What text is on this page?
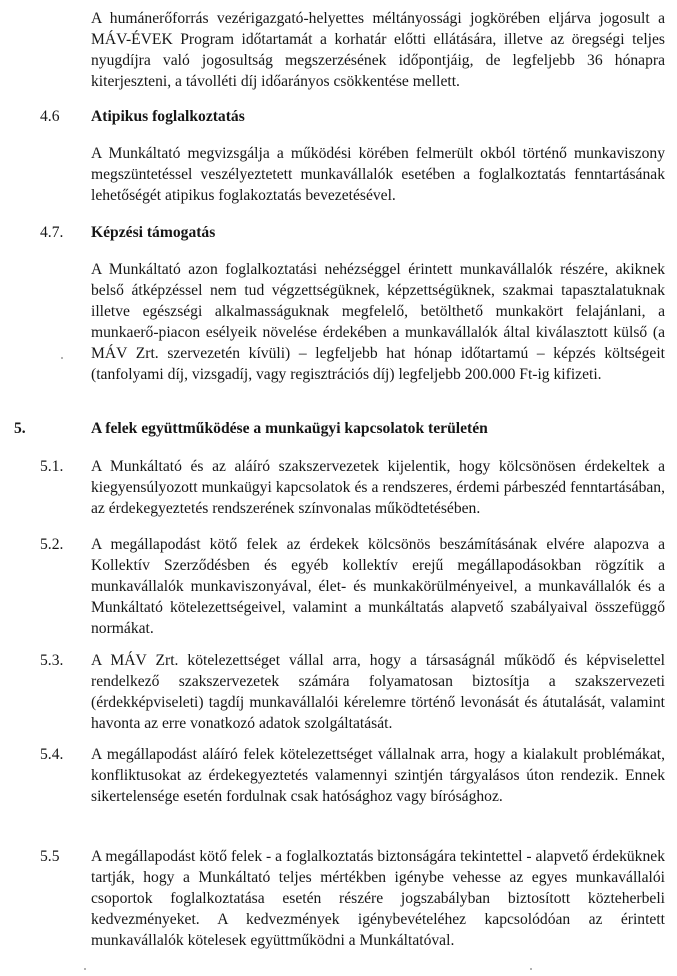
A humánerőforrás vezérigazgató-helyettes méltányossági jogkörében eljárva jogosult a MÁV-ÉVEK Program időtartamát a korhatár előtti ellátására, illetve az öregségi teljes nyugdíjra való jogosultság megszerzésének időpontjáig, de legfeljebb 36 hónapra kiterjeszteni, a távolléti díj időarányos csökkentése mellett.

4.6 Atipikus foglalkoztatás

A Munkáltató megvizsgálja a működési körében felmerült okból történő munkaviszony megszüntetéssel veszélyeztetett munkavállalók esetében a foglalkoztatás fenntartásának lehetőségét atipikus foglakoztatás bevezetésével.

4.7. Képzési támogatás

A Munkáltató azon foglalkoztatási nehézséggel érintett munkavállalók részére, akiknek belső átképzéssel nem tud végzettségüknek, képzettségüknek, szakmai tapasztalatuknak illetve egészségi alkalmasságuknak megfelelő, betölthető munkakört felajánlani, a munkaerő-piacon esélyeik növelése érdekében a munkavállalók által kiválasztott külső (a MÁV Zrt. szervezetén kívüli) – legfeljebb hat hónap időtartamú – képzés költségeit (tanfolyami díj, vizsgadíj, vagy regisztrációs díj) legfeljebb 200.000 Ft-ig kifizeti.

5.	A felek együttműködése a munkaügyi kapcsolatok területén
5.1. A Munkáltató és az aláíró szakszervezetek kijelentik, hogy kölcsönösen érdekeltek a kiegyensúlyozott munkaügyi kapcsolatok és a rendszeres, érdemi párbeszéd fenntartásában, az érdekegyeztetés rendszerének színvonalas működtetésében.

5.2. A megállapodást kötő felek az érdekek kölcsönös beszámításának elvére alapozva a Kollektív Szerződésben és egyéb kollektív erejű megállapodásokban rögzítik a munkavállalók munkaviszonyával, élet- és munkakörülményeivel, a munkavállalók és a Munkáltató kötelezettségeivel, valamint a munkáltatás alapvető szabályaival összefüggő normákat.

5.3. A MÁV Zrt. kötelezettséget vállal arra, hogy a társaságnál működő és képviselettel rendelkező szakszervezetek számára folyamatosan biztosítja a szakszervezeti (érdekképviseleti) tagdíj munkavállalói kérelemre történő levonását és átutalását, valamint havonta az erre vonatkozó adatok szolgáltatását.

5.4. A megállapodást aláíró felek kötelezettséget vállalnak arra, hogy a kialakult problémákat, konfliktusokat az érdekegyeztetés valamennyi szintjén tárgyalásos úton rendezik. Ennek sikertelensége esetén fordulnak csak hatósághoz vagy bírósághoz.

5.5 A megállapodást kötő felek - a foglalkoztatás biztonságára tekintettel - alapvető érdeküknek tartják, hogy a Munkáltató teljes mértékben igénybe vehesse az egyes munkavállalói csoportok foglalkoztatása esetén részére jogszabályban biztosított közteherbeli kedvezményeket. A kedvezmények igénybevételéhez kapcsolódóan az érintett munkavállalók kötelesek együttműködni a Munkáltatóval.
